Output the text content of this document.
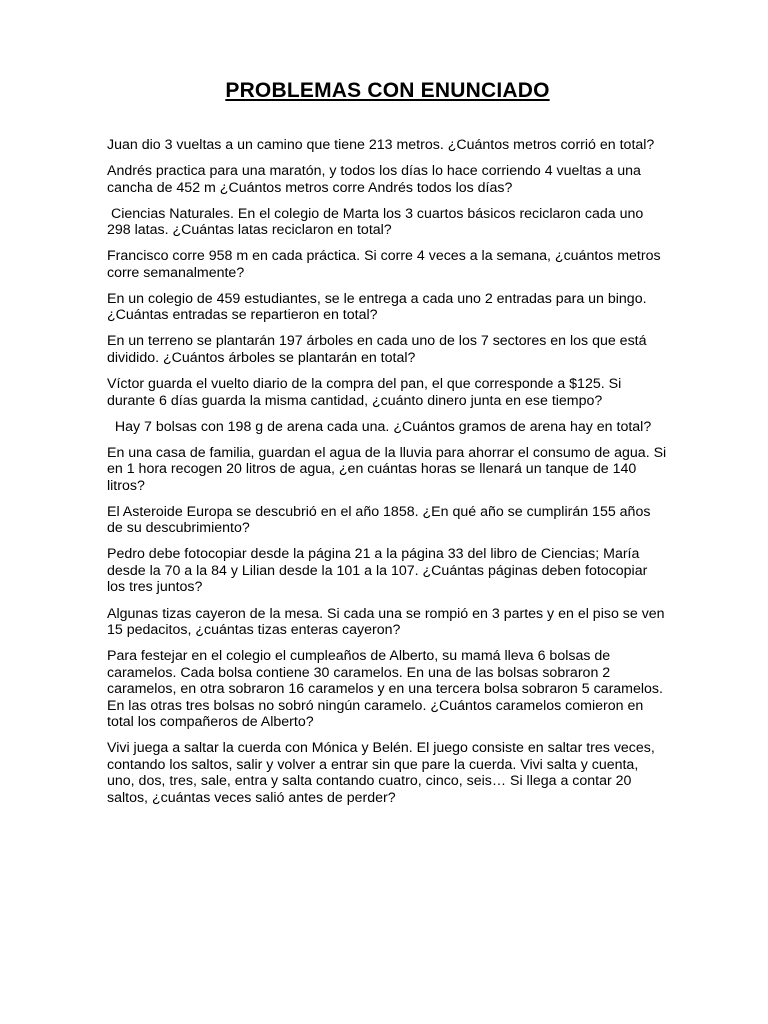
PROBLEMAS CON ENUNCIADO
Juan dio 3 vueltas a un camino que tiene 213 metros. ¿Cuántos metros corrió en total?
Andrés practica para una maratón, y todos los días lo hace corriendo 4 vueltas a una cancha de 452 m ¿Cuántos metros corre Andrés todos los días?
Ciencias Naturales. En el colegio de Marta los 3 cuartos básicos reciclaron cada uno 298 latas. ¿Cuántas latas reciclaron en total?
Francisco corre 958 m en cada práctica. Si corre 4 veces a la semana, ¿cuántos metros corre semanalmente?
En un colegio de 459 estudiantes, se le entrega a cada uno 2 entradas para un bingo. ¿Cuántas entradas se repartieron en total?
En un terreno se plantarán 197 árboles en cada uno de los 7 sectores en los que está dividido. ¿Cuántos árboles se plantarán en total?
Víctor guarda el vuelto diario de la compra del pan, el que corresponde a $125. Si durante 6 días guarda la misma cantidad, ¿cuánto dinero junta en ese tiempo?
Hay 7 bolsas con 198 g de arena cada una. ¿Cuántos gramos de arena hay en total?
En una casa de familia, guardan el agua de la lluvia para ahorrar el consumo de agua. Si en 1 hora recogen 20 litros de agua, ¿en cuántas horas se llenará un tanque de 140 litros?
El Asteroide Europa se descubrió en el año 1858. ¿En qué año se cumplirán 155 años de su descubrimiento?
Pedro debe fotocopiar desde la página 21 a la página 33 del libro de Ciencias; María desde la 70 a la 84 y Lilian desde la 101 a la 107. ¿Cuántas páginas deben fotocopiar los tres juntos?
Algunas tizas cayeron de la mesa. Si cada una se rompió en 3 partes y en el piso se ven 15 pedacitos, ¿cuántas tizas enteras cayeron?
Para festejar en el colegio el cumpleaños de Alberto, su mamá lleva 6 bolsas de caramelos. Cada bolsa contiene 30 caramelos. En una de las bolsas sobraron 2 caramelos, en otra sobraron 16 caramelos y en una tercera bolsa sobraron 5 caramelos. En las otras tres bolsas no sobró ningún caramelo. ¿Cuántos caramelos comieron en total los compañeros de Alberto?
Vivi juega a saltar la cuerda con Mónica y Belén. El juego consiste en saltar tres veces, contando los saltos, salir y volver a entrar sin que pare la cuerda. Vivi salta y cuenta, uno, dos, tres, sale, entra y salta contando cuatro, cinco, seis… Si llega a contar 20 saltos, ¿cuántas veces salió antes de perder?
